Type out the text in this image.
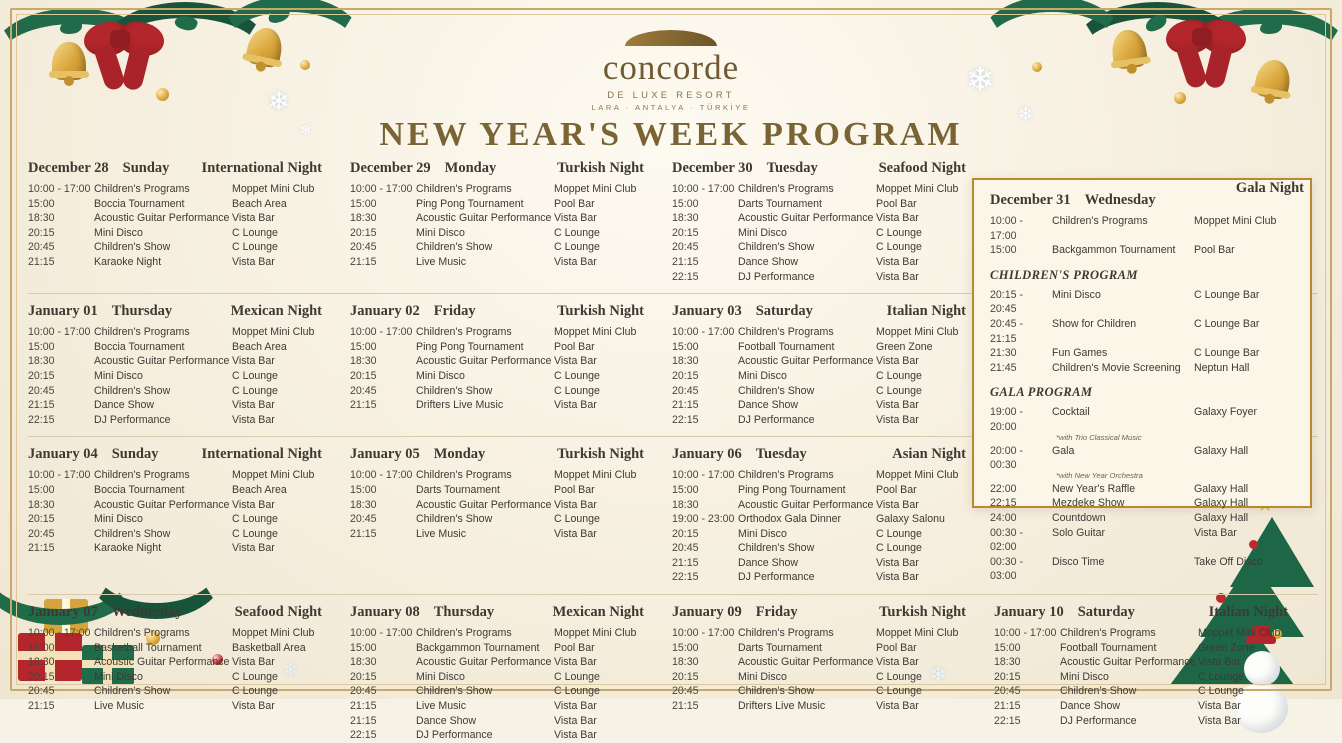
❄
❄
❄
❄
❄
❄
concorde
DE LUXE RESORT
LARA · ANTALYA · TÜRKİYE
NEW YEAR'S WEEK PROGRAM
December 28 Sunday International Night
10:00 - 17:00 Children's Programs	Moppet Mini Club
15:00	Boccia Tournament	Beach Area
18:30	Acoustic Guitar Performance Vista Bar
20:15	Mini Disco	C Lounge
20:45	Children's Show	C Lounge
21:15	Karaoke Night	Vista Bar
December 29 Monday	Turkish Night
10:00 - 17:00 Children's Programs	Moppet Mini Club
15:00	Ping Pong Tournament	Pool Bar
18:30	Acoustic Guitar Performance Vista Bar
20:15	Mini Disco	C Lounge
20:45	Children's Show	C Lounge
21:15	Live Music	Vista Bar
December 30 Tuesday	Seafood Night
10:00 - 17:00 Children's Programs	Moppet Mini Club
15:00	Darts Tournament	Pool Bar
18:30	Acoustic Guitar Performance Vista Bar
20:15	Mini Disco	C Lounge
20:45	Children's Show	C Lounge
21:15	Dance Show	Vista Bar
22:15	DJ Performance	Vista Bar
January 01 Thursday	Mexican Night
10:00 - 17:00 Children's Programs	Moppet Mini Club
15:00	Boccia Tournament	Beach Area
18:30	Acoustic Guitar Performance Vista Bar
20:15	Mini Disco	C Lounge
20:45	Children's Show	C Lounge
21:15	Dance Show	Vista Bar
22:15	DJ Performance	Vista Bar
January 02 Friday	Turkish Night
10:00 - 17:00 Children's Programs	Moppet Mini Club
15:00	Ping Pong Tournament	Pool Bar
18:30	Acoustic Guitar Performance Vista Bar
20:15	Mini Disco	C Lounge
20:45	Children's Show	C Lounge
21:15	Drifters Live Music	Vista Bar
January 03 Saturday	Italian Night
10:00 - 17:00 Children's Programs	Moppet Mini Club
15:00	Football Tournament	Green Zone
18:30	Acoustic Guitar Performance Vista Bar
20:15	Mini Disco	C Lounge
20:45	Children's Show	C Lounge
21:15	Dance Show	Vista Bar
22:15	DJ Performance	Vista Bar
January 04 Sunday	International Night
10:00 - 17:00 Children's Programs	Moppet Mini Club
15:00	Boccia Tournament	Beach Area
18:30	Acoustic Guitar Performance Vista Bar
20:15	Mini Disco	C Lounge
20:45	Children's Show	C Lounge
21:15	Karaoke Night	Vista Bar
January 05 Monday	Turkish Night
10:00 - 17:00 Children's Programs	Moppet Mini Club
15:00	Darts Tournament	Pool Bar
18:30	Acoustic Guitar Performance Vista Bar
20:45	Children's Show	C Lounge
21:15	Live Music	Vista Bar
January 06 Tuesday	Asian Night
10:00 - 17:00 Children's Programs	Moppet Mini Club
15:00	Ping Pong Tournament	Pool Bar
18:30	Acoustic Guitar Performance Vista Bar
19:00 - 23:00 Orthodox Gala Dinner	Galaxy Salonu
20:15	Mini Disco	C Lounge
20:45	Children's Show	C Lounge
21:15	Dance Show	Vista Bar
22:15	DJ Performance	Vista Bar
January 07 Wednesday	Seafood Night
10:00 - 17:00 Children's Programs	Moppet Mini Club
15:00	Basketball Tournament	Basketball Area
18:30	Acoustic Guitar Performance Vista Bar
20:15	Mini Disco	C Lounge
20:45	Children's Show	C Lounge
21:15	Live Music	Vista Bar
January 08 Thursday	Mexican Night
10:00 - 17:00 Children's Programs	Moppet Mini Club
15:00	Backgammon Tournament	Pool Bar
18:30	Acoustic Guitar Performance Vista Bar
20:15	Mini Disco	C Lounge
20:45	Children's Show	C Lounge
21:15	Live Music	Vista Bar
21:15	Dance Show	Vista Bar
22:15	DJ Performance	Vista Bar
January 09 Friday	Turkish Night
10:00 - 17:00 Children's Programs	Moppet Mini Club
15:00	Darts Tournament	Pool Bar
18:30	Acoustic Guitar Performance Vista Bar
20:15	Mini Disco	C Lounge
20:45	Children's Show	C Lounge
21:15	Drifters Live Music	Vista Bar
January 10 Saturday	Italian Night
10:00 - 17:00 Children's Programs	Moppet Mini Club
15:00	Football Tournament	Green Zone
18:30	Acoustic Guitar Performance Vista Bar
20:15	Mini Disco	C Lounge
20:45	Children's Show	C Lounge
21:15	Dance Show	Vista Bar
22:15	DJ Performance	Vista Bar
December 31 Wednesday
Gala Night
10:00 - 17:00
Children's Programs	Moppet Mini Club
15:00	Backgammon Tournament	Pool Bar
CHILDREN'S PROGRAM
20:15 - 20:45
Mini Disco	C Lounge Bar
20:45 - 21:15
Show for Children	C Lounge Bar
21:30	Fun Games	C Lounge Bar
21:45	Children's Movie Screening	Neptun Hall
GALA PROGRAM
19:00 - 20:00
Cocktail	Galaxy Foyer
*with Trio Classical Music
20:00 - 00:30
Gala	Galaxy Hall
*with New Year Orchestra
22:00	New Year's Raffle	Galaxy Hall
22:15	Mezdeke Show	Galaxy Hall
24:00	Countdown	Galaxy Hall
00:30 - 02:00
Solo Guitar	Vista Bar
00:30 - 03:00
Disco Time	Take Off Disco
